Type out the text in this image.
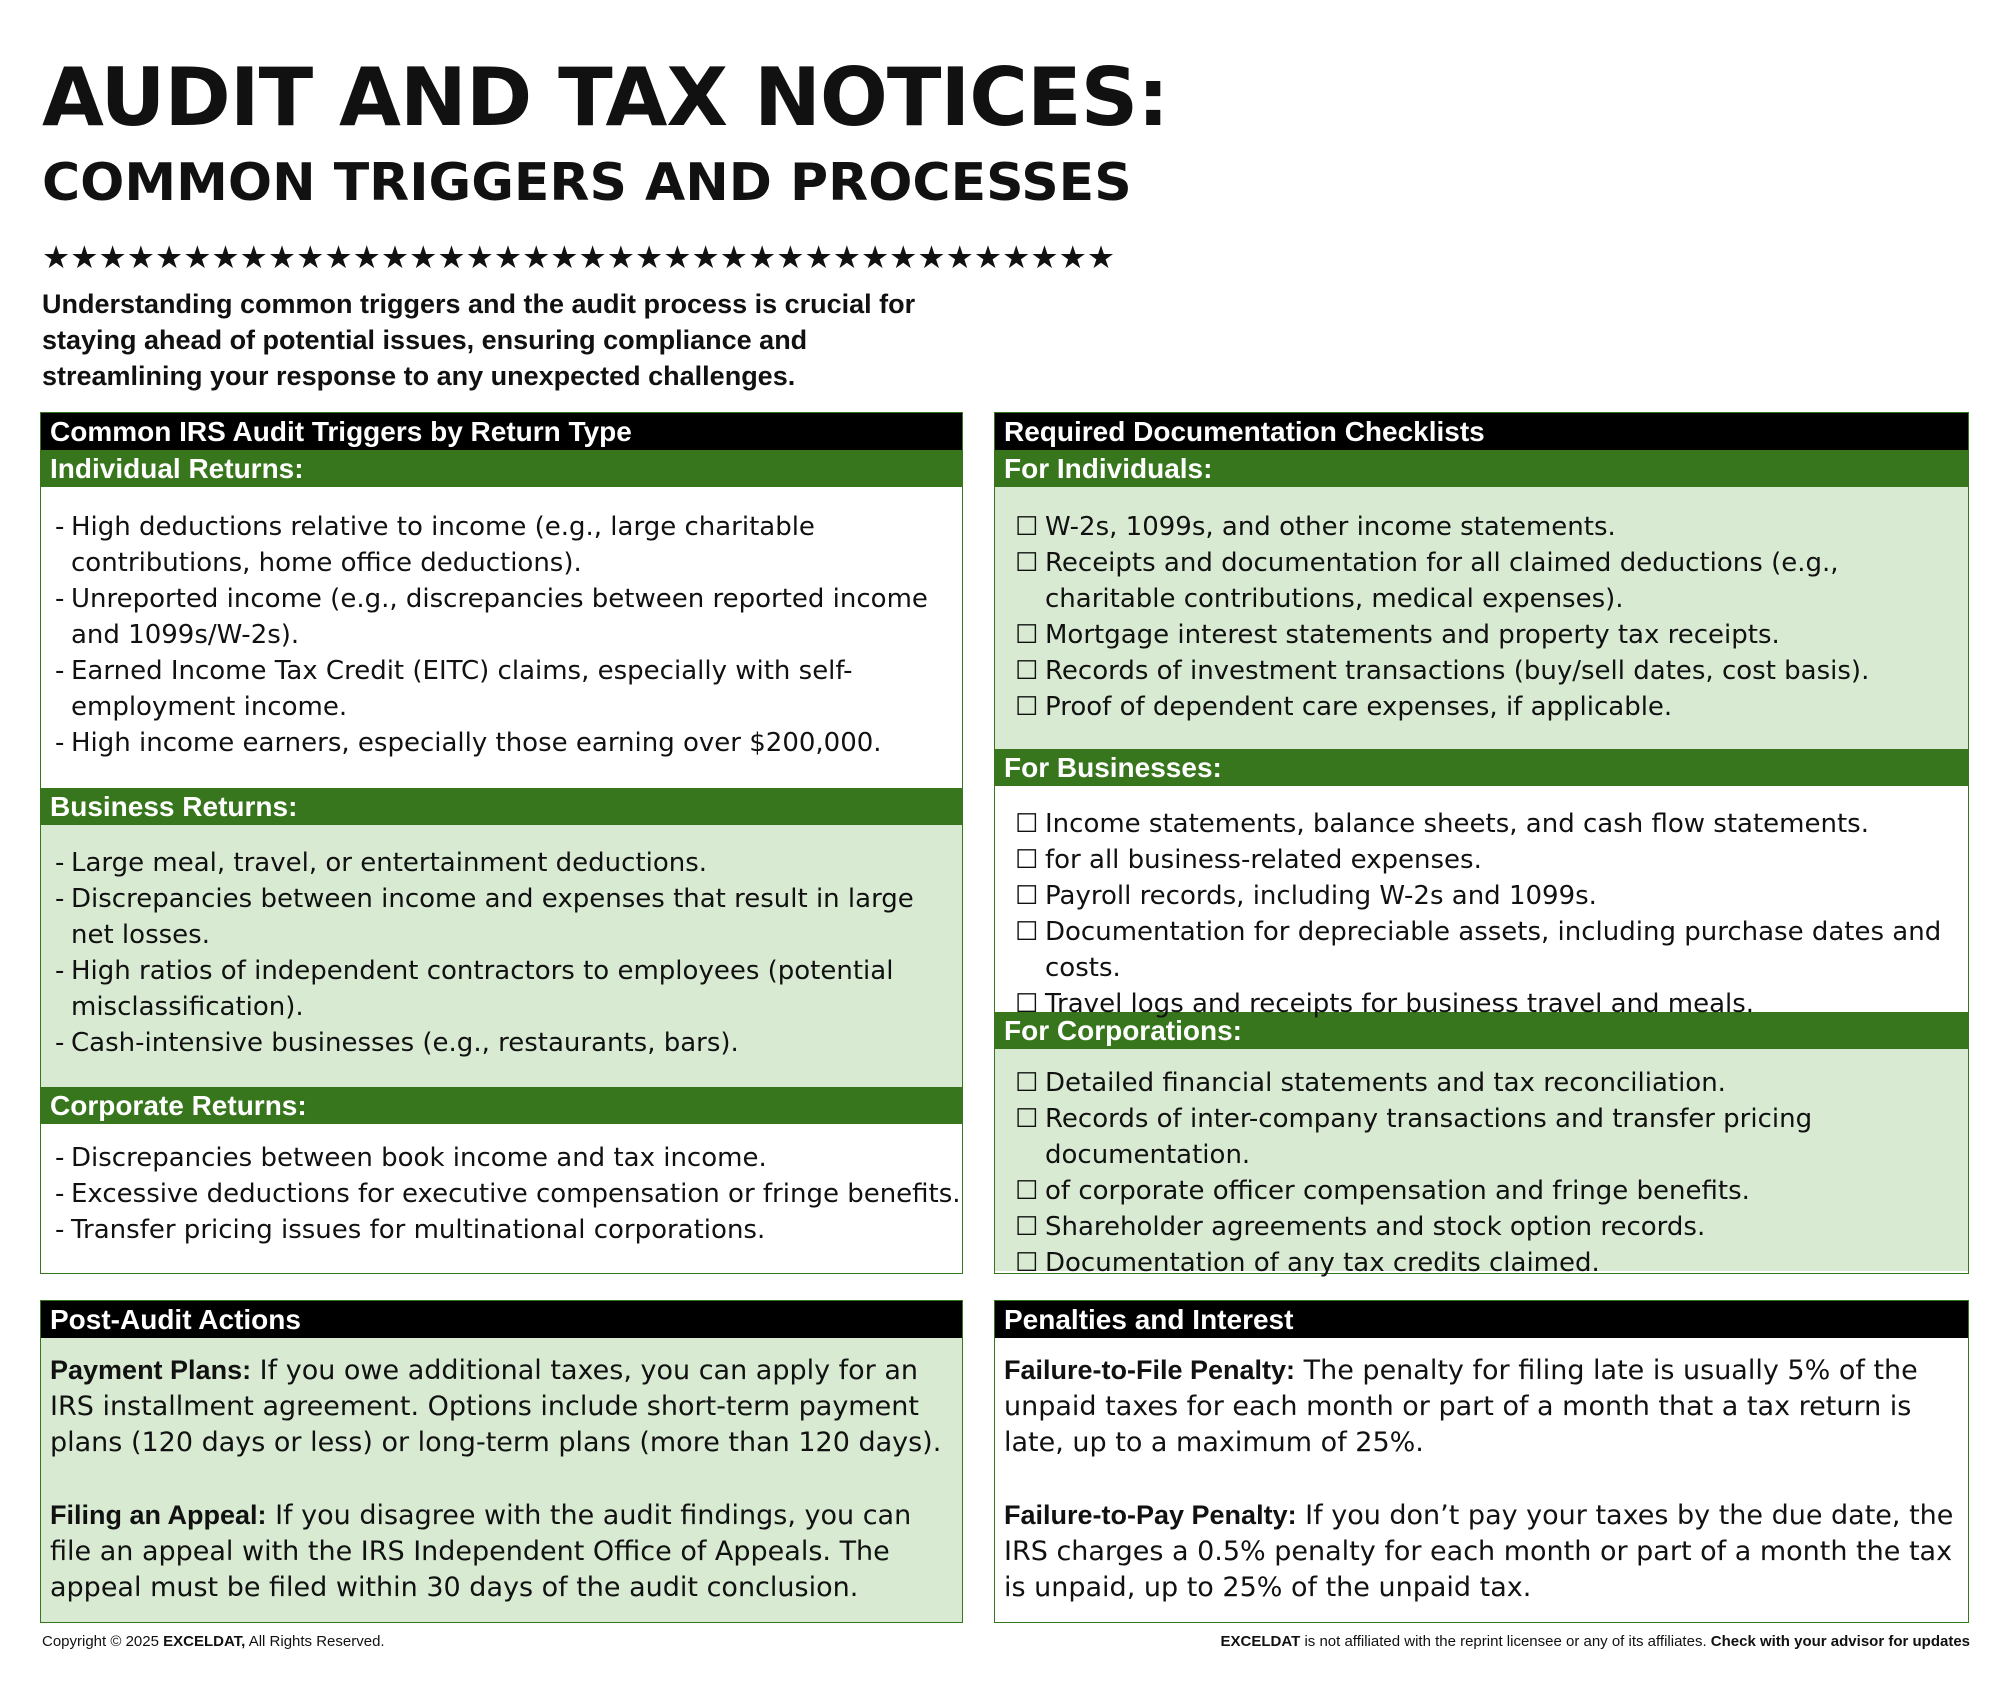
AUDIT AND TAX NOTICES:
COMMON TRIGGERS AND PROCESSES
★★★★★★★★★★★★★★★★★★★★★★★★★★★★★★★★★★★★★★
Understanding common triggers and the audit process is crucial for staying ahead of potential issues, ensuring compliance and streamlining your response to any unexpected challenges.
Common IRS Audit Triggers by Return Type
Individual Returns:
- High deductions relative to income (e.g., large charitable contributions, home office deductions).
- Unreported income (e.g., discrepancies between reported income and 1099s/W-2s).
- Earned Income Tax Credit (EITC) claims, especially with self-employment income.
- High income earners, especially those earning over $200,000.
Business Returns:
- Large meal, travel, or entertainment deductions.
- Discrepancies between income and expenses that result in large net losses.
- High ratios of independent contractors to employees (potential misclassification).
- Cash-intensive businesses (e.g., restaurants, bars).
Corporate Returns:
- Discrepancies between book income and tax income.
- Excessive deductions for executive compensation or fringe benefits.
- Transfer pricing issues for multinational corporations.
Required Documentation Checklists
For Individuals:
☐ W-2s, 1099s, and other income statements.
☐ Receipts and documentation for all claimed deductions (e.g., charitable contributions, medical expenses).
☐ Mortgage interest statements and property tax receipts.
☐ Records of investment transactions (buy/sell dates, cost basis).
☐ Proof of dependent care expenses, if applicable.
For Businesses:
☐ Income statements, balance sheets, and cash flow statements.
☐ for all business-related expenses.
☐ Payroll records, including W-2s and 1099s.
☐ Documentation for depreciable assets, including purchase dates and costs.
☐ Travel logs and receipts for business travel and meals.
For Corporations:
☐ Detailed financial statements and tax reconciliation.
☐ Records of inter-company transactions and transfer pricing documentation.
☐ of corporate officer compensation and fringe benefits.
☐ Shareholder agreements and stock option records.
☐ Documentation of any tax credits claimed.
Post-Audit Actions
Payment Plans: If you owe additional taxes, you can apply for an IRS installment agreement. Options include short-term payment plans (120 days or less) or long-term plans (more than 120 days).
Filing an Appeal: If you disagree with the audit findings, you can file an appeal with the IRS Independent Office of Appeals. The appeal must be filed within 30 days of the audit conclusion.
Penalties and Interest
Failure-to-File Penalty: The penalty for filing late is usually 5% of the unpaid taxes for each month or part of a month that a tax return is late, up to a maximum of 25%.
Failure-to-Pay Penalty: If you don’t pay your taxes by the due date, the IRS charges a 0.5% penalty for each month or part of a month the tax is unpaid, up to 25% of the unpaid tax.
Copyright © 2025 EXCELDAT, All Rights Reserved.	EXCELDAT is not affiliated with the reprint licensee or any of its affiliates. Check with your advisor for updates
